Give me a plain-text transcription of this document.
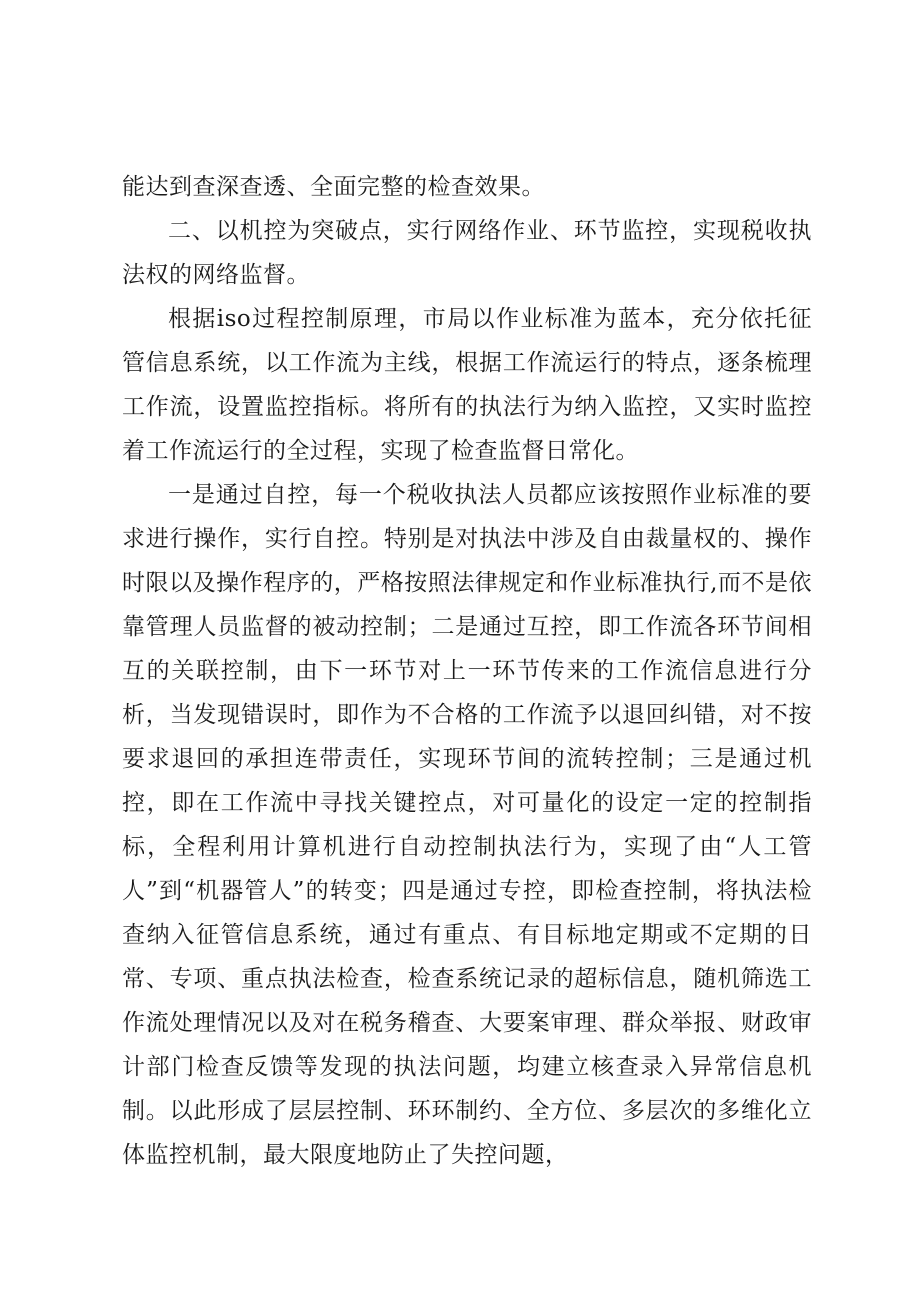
能达到查深查透、全面完整的检查效果。

二、以机控为突破点，实行网络作业、环节监控，实现税收执法权的网络监督。

根据iso过程控制原理，市局以作业标准为蓝本，充分依托征管信息系统，以工作流为主线，根据工作流运行的特点，逐条梳理工作流，设置监控指标。将所有的执法行为纳入监控，又实时监控着工作流运行的全过程，实现了检查监督日常化。

一是通过自控，每一个税收执法人员都应该按照作业标准的要求进行操作，实行自控。特别是对执法中涉及自由裁量权的、操作时限以及操作程序的，严格按照法律规定和作业标准执行,而不是依靠管理人员监督的被动控制；二是通过互控，即工作流各环节间相互的关联控制，由下一环节对上一环节传来的工作流信息进行分析，当发现错误时，即作为不合格的工作流予以退回纠错，对不按要求退回的承担连带责任，实现环节间的流转控制；三是通过机控，即在工作流中寻找关键控点，对可量化的设定一定的控制指标，全程利用计算机进行自动控制执法行为，实现了由“人工管人”到“机器管人”的转变；四是通过专控，即检查控制，将执法检查纳入征管信息系统，通过有重点、有目标地定期或不定期的日常、专项、重点执法检查，检查系统记录的超标信息，随机筛选工作流处理情况以及对在税务稽查、大要案审理、群众举报、财政审计部门检查反馈等发现的执法问题，均建立核查录入异常信息机制。以此形成了层层控制、环环制约、全方位、多层次的多维化立体监控机制，最大限度地防止了失控问题，
